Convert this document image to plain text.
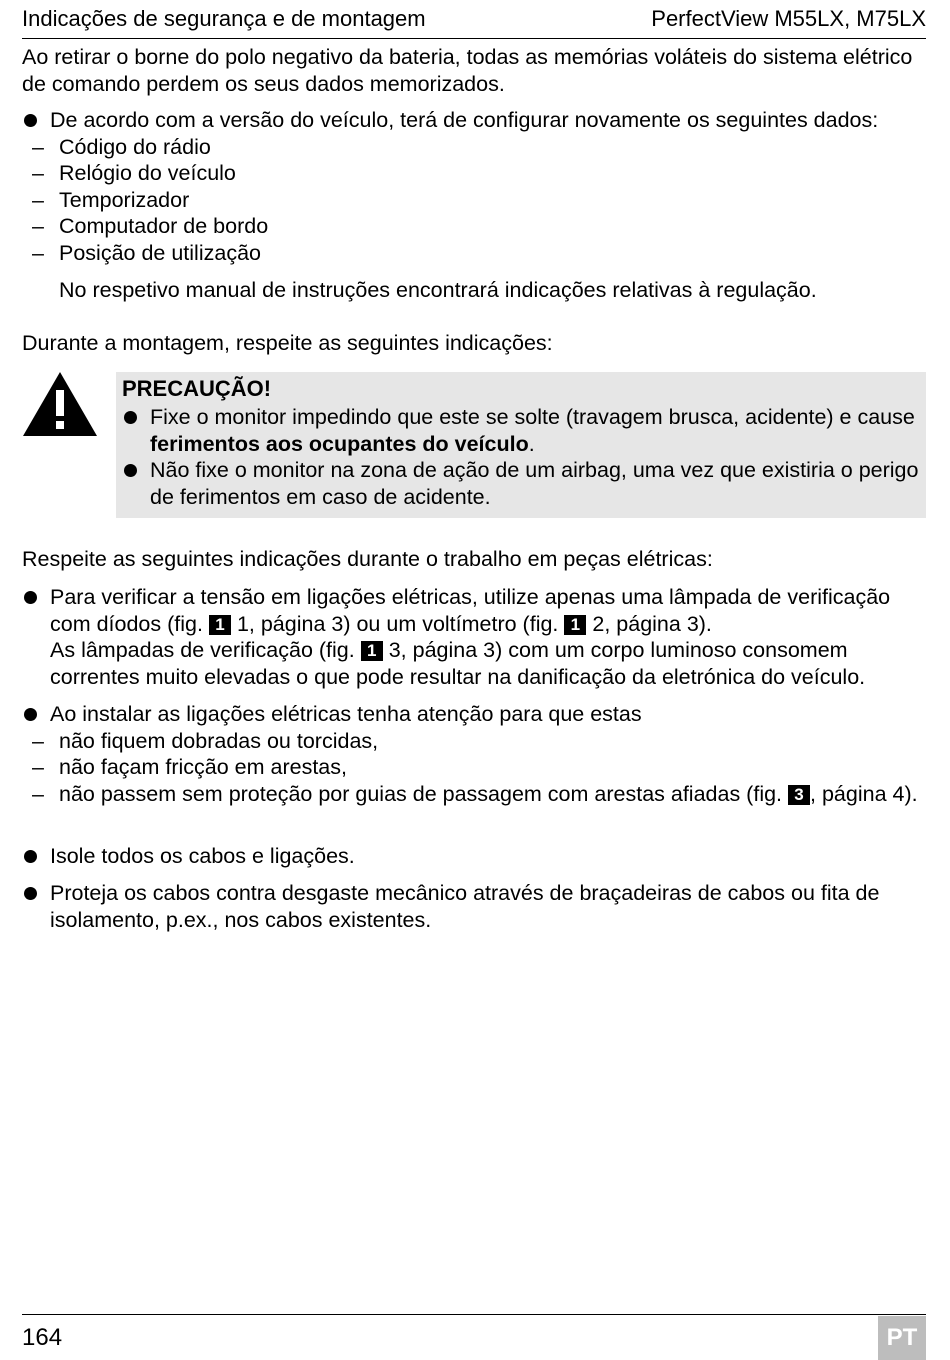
Indicações de segurança e de montagem	PerfectView M55LX, M75LX
Ao retirar o borne do polo negativo da bateria, todas as memórias voláteis do sistema elétrico de comando perdem os seus dados memorizados.
De acordo com a versão do veículo, terá de configurar novamente os seguintes dados:
– Código do rádio
– Relógio do veículo
– Temporizador
– Computador de bordo
– Posição de utilização
No respetivo manual de instruções encontrará indicações relativas à regulação.
Durante a montagem, respeite as seguintes indicações:
PRECAUÇÃO!
Fixe o monitor impedindo que este se solte (travagem brusca, acidente) e cause ferimentos aos ocupantes do veículo.
Não fixe o monitor na zona de ação de um airbag, uma vez que existiria o perigo de ferimentos em caso de acidente.
Respeite as seguintes indicações durante o trabalho em peças elétricas:
Para verificar a tensão em ligações elétricas, utilize apenas uma lâmpada de verificação com díodos (fig. 1 1, página 3) ou um voltímetro (fig. 1 2, página 3).
As lâmpadas de verificação (fig. 1 3, página 3) com um corpo luminoso consomem correntes muito elevadas o que pode resultar na danificação da eletrónica do veículo.
Ao instalar as ligações elétricas tenha atenção para que estas
– não fiquem dobradas ou torcidas,
– não façam fricção em arestas,
– não passem sem proteção por guias de passagem com arestas afiadas (fig. 3 , página 4).
Isole todos os cabos e ligações.
Proteja os cabos contra desgaste mecânico através de braçadeiras de cabos ou fita de isolamento, p.ex., nos cabos existentes.
164	PT
